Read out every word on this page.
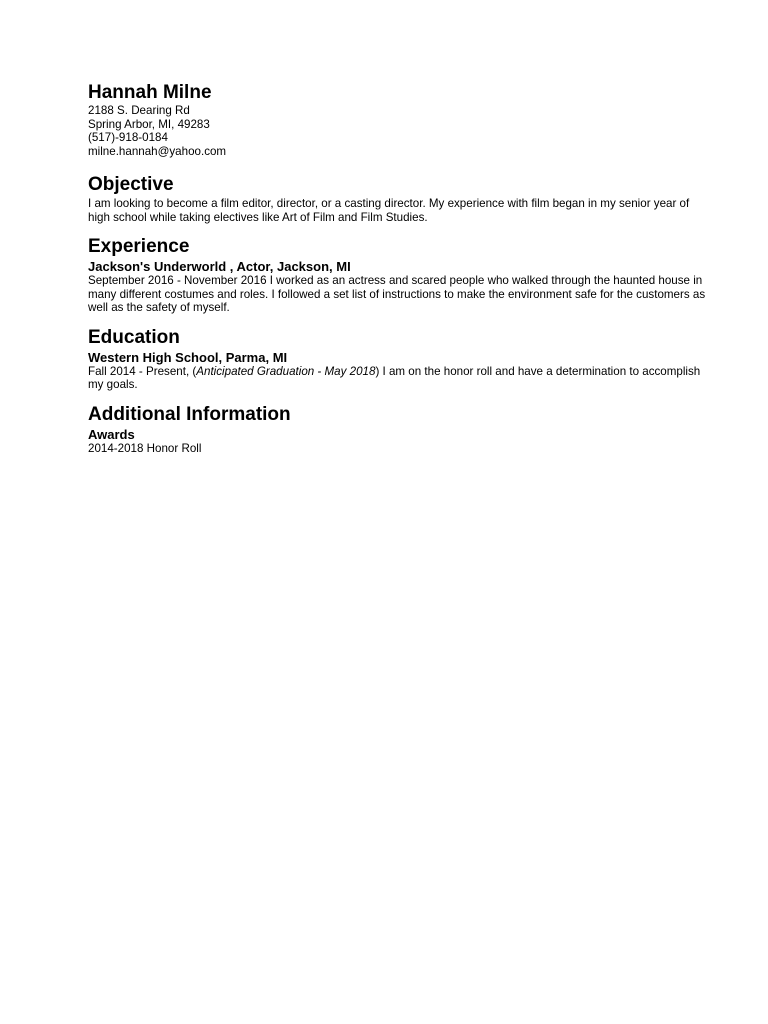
Hannah Milne

2188 S. Dearing Rd

Spring Arbor, MI, 49283

(517)-918-0184

milne.hannah@yahoo.com

Objective

I am looking to become a film editor, director, or a casting director. My experience with film began in my senior year of high school while taking electives like Art of Film and Film Studies.

Experience
Jackson's Underworld , Actor, Jackson, MI

September 2016 - November 2016 I worked as an actress and scared people who walked through the haunted house in many different costumes and roles. I followed a set list of instructions to make the environment safe for the customers as well as the safety of myself.

Education
Western High School, Parma, MI

Fall 2014 - Present, (Anticipated Graduation - May 2018) I am on the honor roll and have a determination to accomplish my goals.

Additional Information
Awards

2014-2018 Honor Roll
